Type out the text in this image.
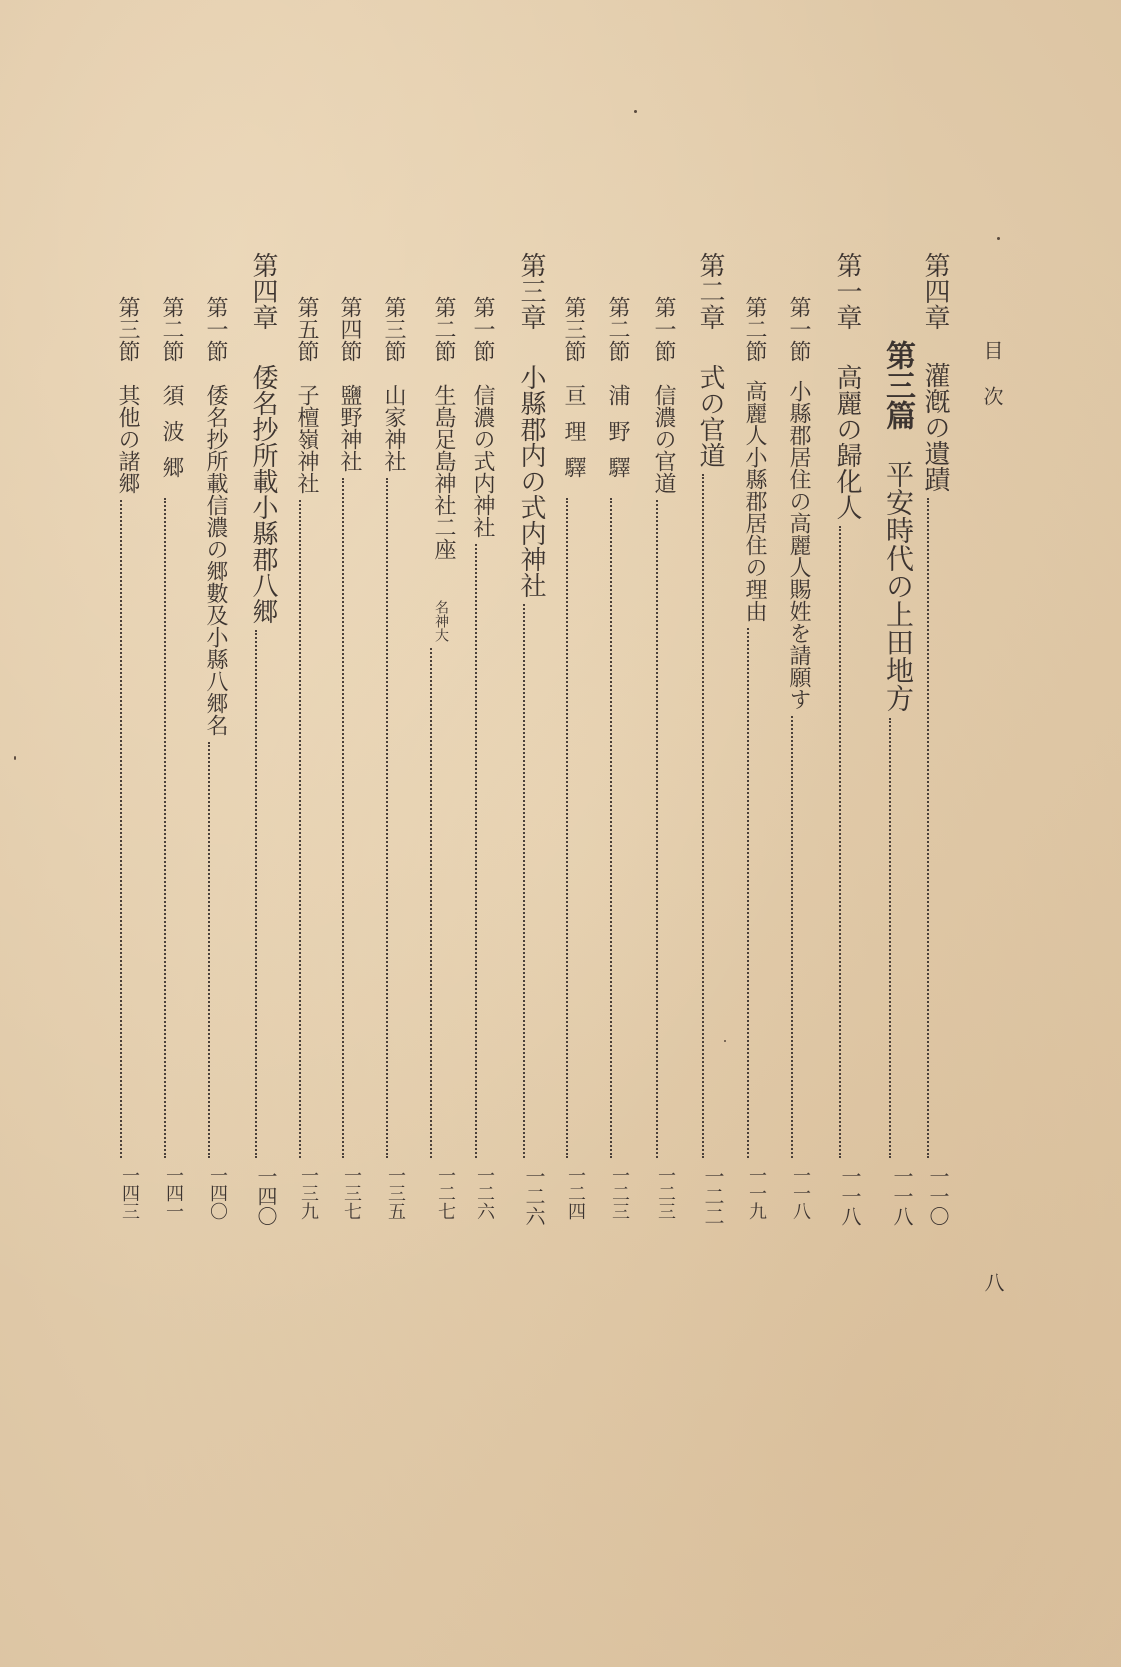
目次
八
第四章
灌漑の遺蹟
一一〇
第三篇
平安時代の上田地方
一一八
第一章
高麗の歸化人
一一八
第一節
小縣郡居住の高麗人賜姓を請願す
一一八
第二節
高麗人小縣郡居住の理由
一一九
第二章
式の官道
一二二
第一節
信濃の官道
一二三
第二節
浦野驛
一二三
第三節
亘理驛
一二四
第三章
小縣郡内の式内神社
一二六
第一節
信濃の式内神社
一二六
第二節
生島足島神社二座
名神大
一二七
第三節
山家神社
一三五
第四節
鹽野神社
一三七
第五節
子檀嶺神社
一三九
第四章
倭名抄所載小縣郡八郷
一四〇
第一節
倭名抄所載信濃の郷數及小縣八郷名
一四〇
第二節
須波郷
一四一
第三節
其他の諸郷
一四三
